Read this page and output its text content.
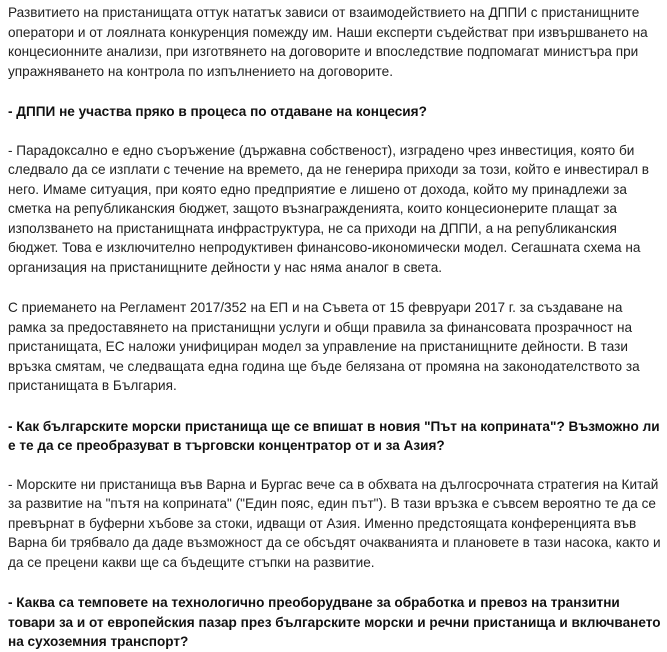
Развитието на пристанищата оттук нататък зависи от взаимодействието на ДППИ с пристанищните оператори и от лоялната конкуренция помежду им. Наши експерти съдействат при извършването на концесионните анализи, при изготвянето на договорите и впоследствие подпомагат министъра при упражняването на контрола по изпълнението на договорите.

- ДППИ не участва пряко в процеса по отдаване на концесия?

- Парадоксално е едно съоръжение (държавна собственост), изградено чрез инвестиция, която би следвало да се изплати с течение на времето, да не генерира приходи за този, който е инвестирал в него. Имаме ситуация, при която едно предприятие е лишено от дохода, който му принадлежи за сметка на републиканския бюджет, защото възнагражденията, които концесионерите плащат за използването на пристанищната инфраструктура, не са приходи на ДППИ, а на републиканския бюджет. Това е изключително непродуктивен финансово-икономически модел. Сегашната схема на организация на пристанищните дейности у нас няма аналог в света.

С приемането на Регламент 2017/352 на ЕП и на Съвета от 15 февруари 2017 г. за създаване на рамка за предоставянето на пристанищни услуги и общи правила за финансовата прозрачност на пристанищата, ЕС наложи унифициран модел за управление на пристанищните дейности. В тази връзка смятам, че следващата една година ще бъде белязана от промяна на законодателството за пристанищата в България.

- Как българските морски пристанища ще се впишат в новия "Път на коприната"? Възможно ли е те да се преобразуват в търговски концентратор от и за Азия?

- Морските ни пристанища във Варна и Бургас вече са в обхвата на дългосрочната стратегия на Китай за развитие на "пътя на коприната" ("Един пояс, един път"). В тази връзка е съвсем вероятно те да се превърнат в буферни хъбове за стоки, идващи от Азия. Именно предстоящата конференцията във Варна би трябвало да даде възможност да се обсъдят очакванията и плановете в тази насока, както и да се прецени какви ще са бъдещите стъпки на развитие.

- Каква са темповете на технологично преоборудване за обработка и превоз на транзитни товари за и от европейския пазар през българските морски и речни пристанища и включването на сухоземния транспорт?
